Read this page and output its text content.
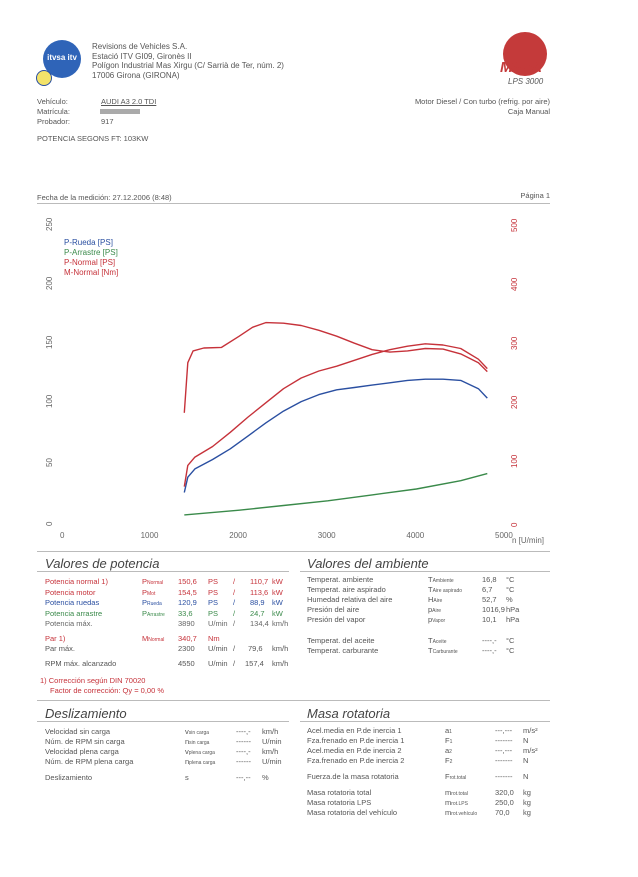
itvsa itv
Revisions de Vehicles S.A.
Estació ITV GI09, Gironès II
Polígon Industrial Mas Xirgu (C/ Sarrià de Ter, núm. 2)
17006 Girona (GIRONA)	MAHA
LPS 3000
Vehículo:	AUDI A3 2.0 TDI
Matrícula:
Probador:	917
Motor Diesel / Con turbo (refrig. por aire)
Caja Manual
POTENCIA SEGONS FT: 103KW
Fecha de la medición: 27.12.2006 (8:48)	Página 1
0	1000	2000	3000	4000	5000
0
50
100
150
200
250
0
100
200
300
400
500
P-Rueda [PS]
P-Arrastre [PS]
P-Normal [PS]
M-Normal [Nm]
n [U/min]
Valores de potencia
Potencia normal 1)	PNormal 150,6 PS / 110,7 kW
Potencia motor	PMot	154,5 PS / 113,6 kW
Potencia ruedas	PRueda 120,9 PS / 88,9 kW
Potencia arrastre	PArrastre 33,6 PS / 24,7 kW
Potencia máx.	3890 U/min / 134,4 km/h
Par 1)	MNormal 340,7 Nm
Par máx.	2300 U/min / 79,6 km/h
RPM máx. alcanzado	4550 U/min / 157,4 km/h
1) Corrección según DIN 70020
Factor de corrección: Qy = 0,00 %
Valores del ambiente
Temperat. ambiente	TAmbiente	16,8 °C
Temperat. aire aspirado	TAire aspirado	6,7 °C
Humedad relativa del aire	HAire	52,7 %
Presión del aire	pAire	1016,9 hPa
Presión del vapor	pVapor	10,1 hPa
Temperat. del aceite	TAceite	----,- °C
Temperat. carburante	TCarburante	----,- °C
Deslizamiento
Velocidad sin carga	vsin carga	----,- km/h
Núm. de RPM sin carga	nsin carga	------ U/min
Velocidad plena carga	vplena carga	----,- km/h
Núm. de RPM plena carga	nplena carga	------ U/min
Deslizamiento	s	---,-- %
Masa rotatoria
Acel.media en P.de inercia 1	a1	---,--- m/s²
Fza.frenado en P.de inercia 1	F1	------- N
Acel.media en P.de inercia 2	a2	---,--- m/s²
Fza.frenado en P.de inercia 2	F2	------- N
Fuerza.de la masa rotatoria	Frot.total	------- N
Masa rotatoria total	mrot.total	320,0 kg
Masa rotatoria LPS	mrot.LPS	250,0 kg
Masa rotatoria del vehículo	mrot.vehículo 70,0 kg
